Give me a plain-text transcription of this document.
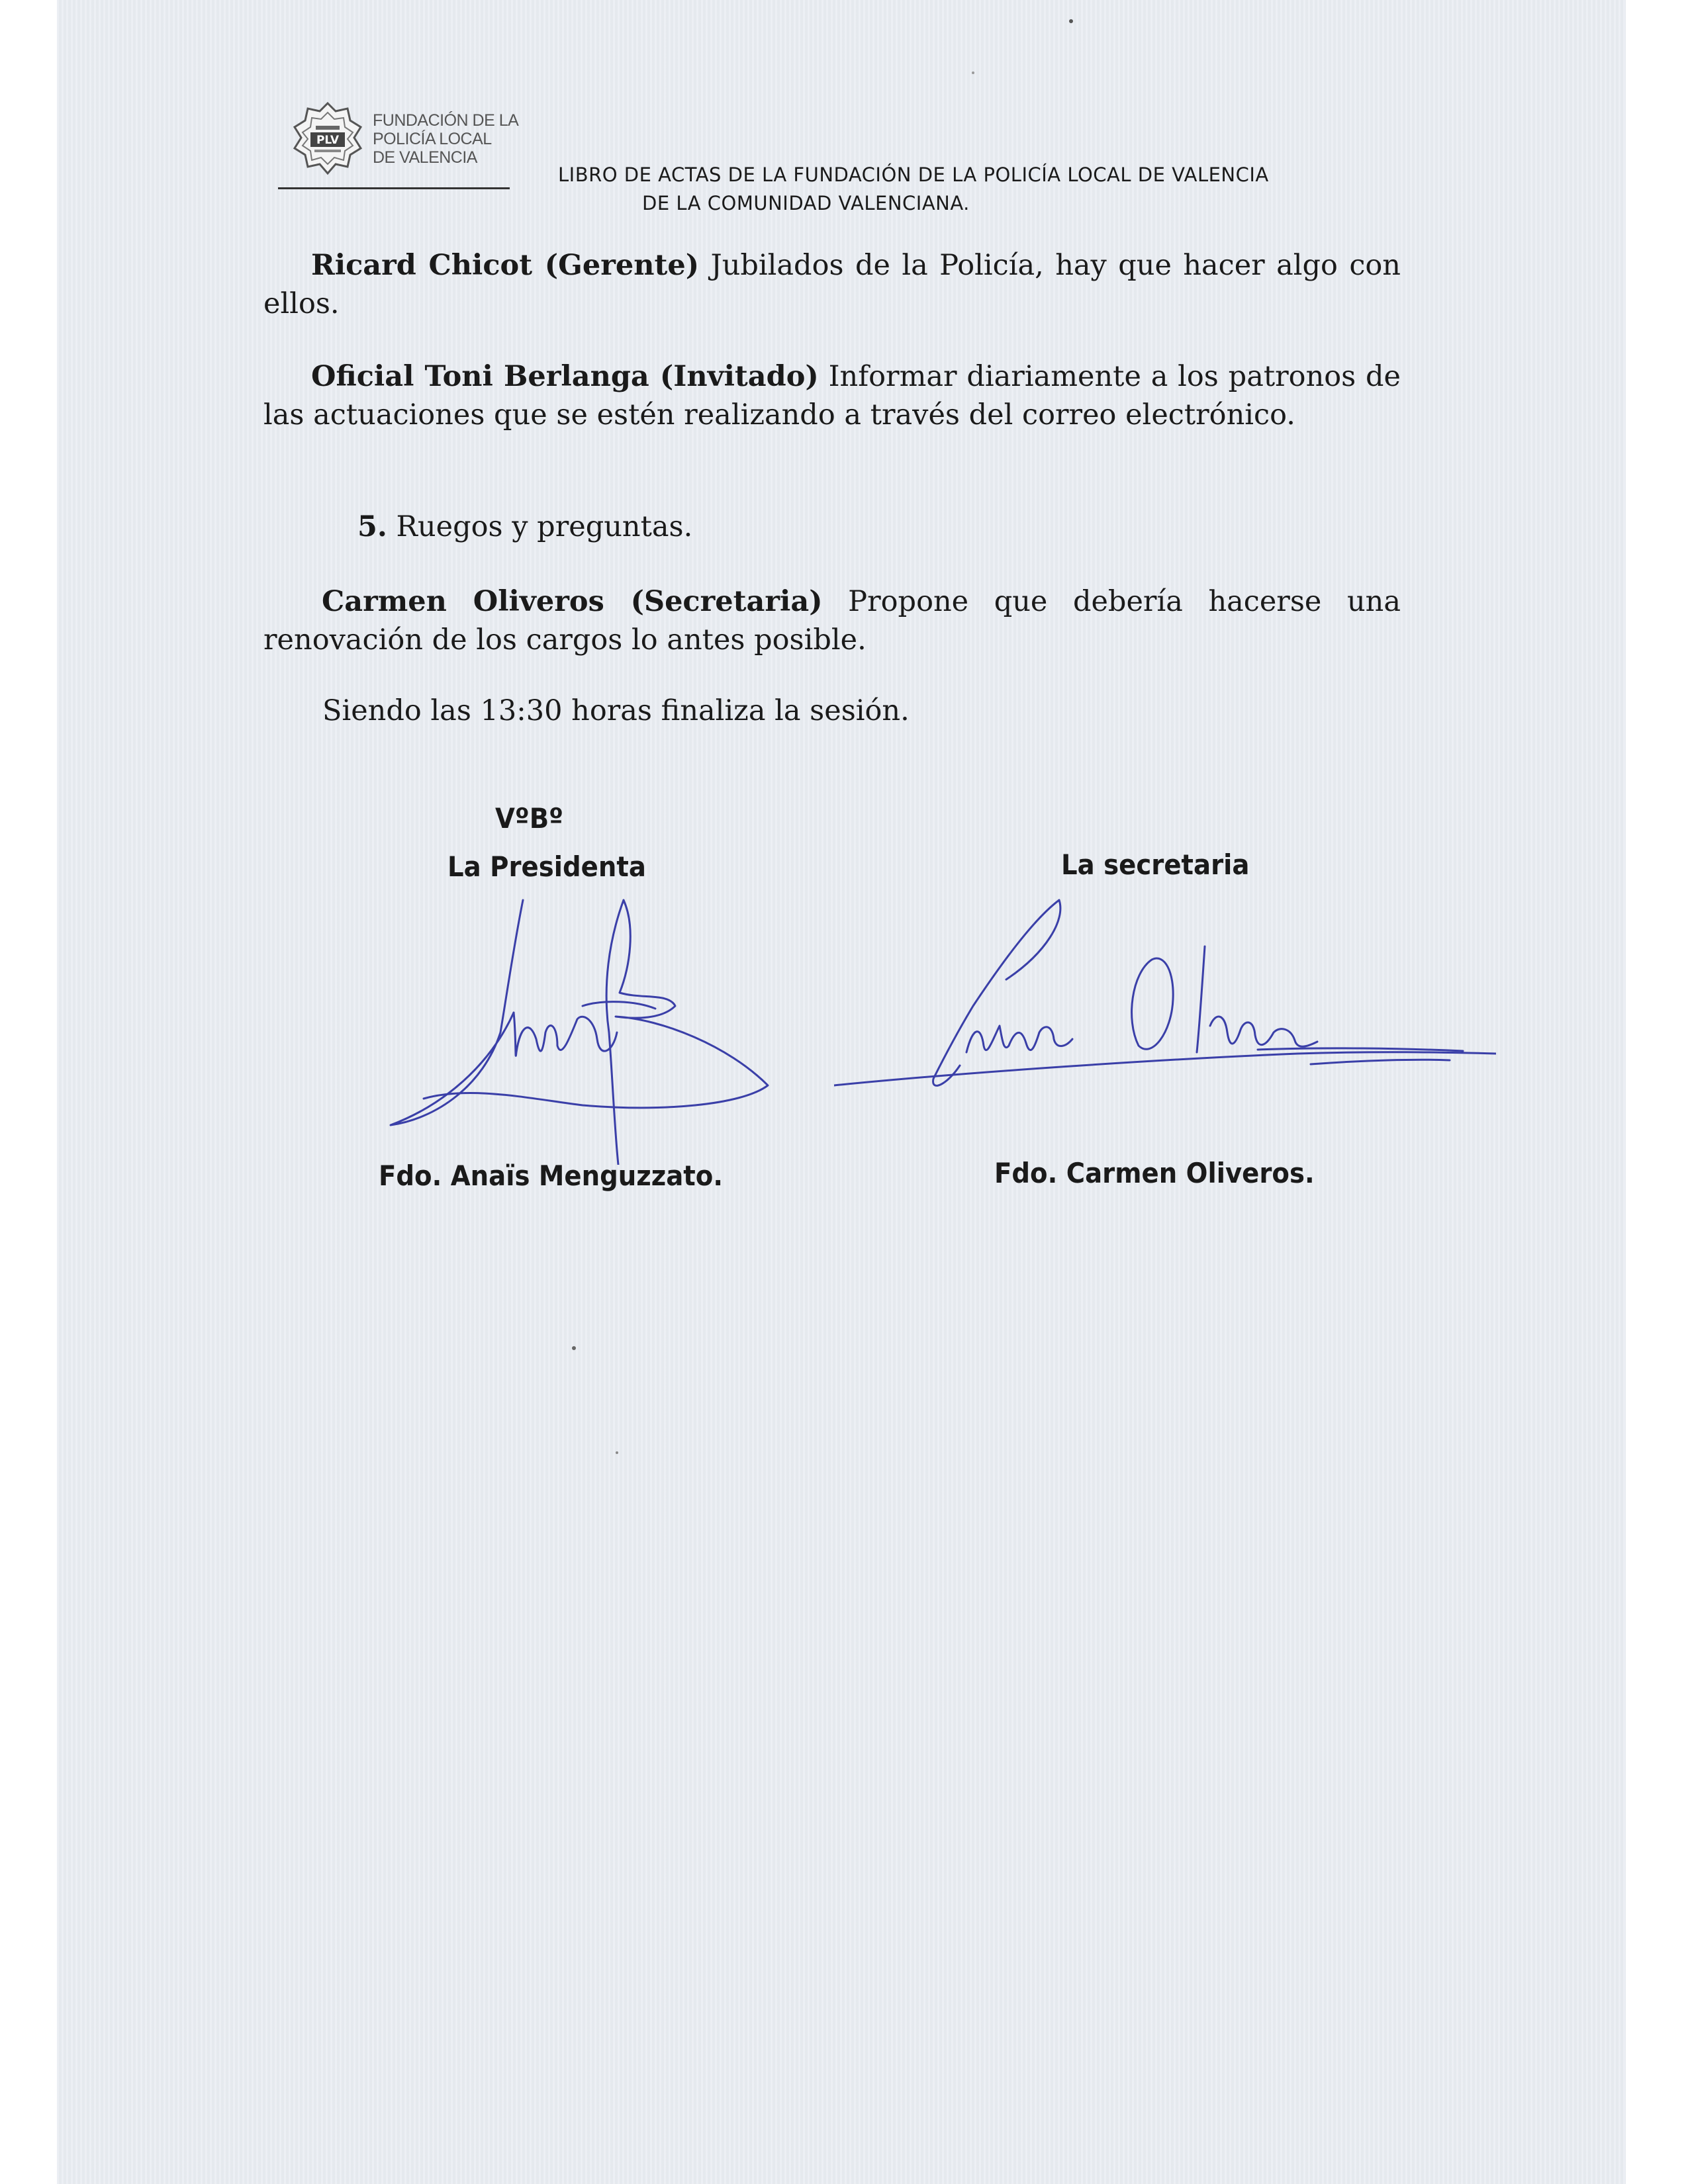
PLV
FUNDACIÓN DE LA
POLICÍA LOCAL
DE VALENCIA
LIBRO DE ACTAS DE LA FUNDACIÓN DE LA POLICÍA LOCAL DE VALENCIA
DE LA COMUNIDAD VALENCIANA.
Ricard Chicot (Gerente) Jubilados de la Policía, hay que hacer algo con ellos.
Oficial Toni Berlanga (Invitado) Informar diariamente a los patronos de las actuaciones que se estén realizando a través del correo electrónico.
5. Ruegos y preguntas.
Carmen Oliveros (Secretaria) Propone que debería hacerse una renovación de los cargos lo antes posible.
Siendo las 13:30 horas finaliza la sesión.
VºBº
La Presidenta	La secretaria
Fdo. Anaïs Menguzzato.	Fdo. Carmen Oliveros.
